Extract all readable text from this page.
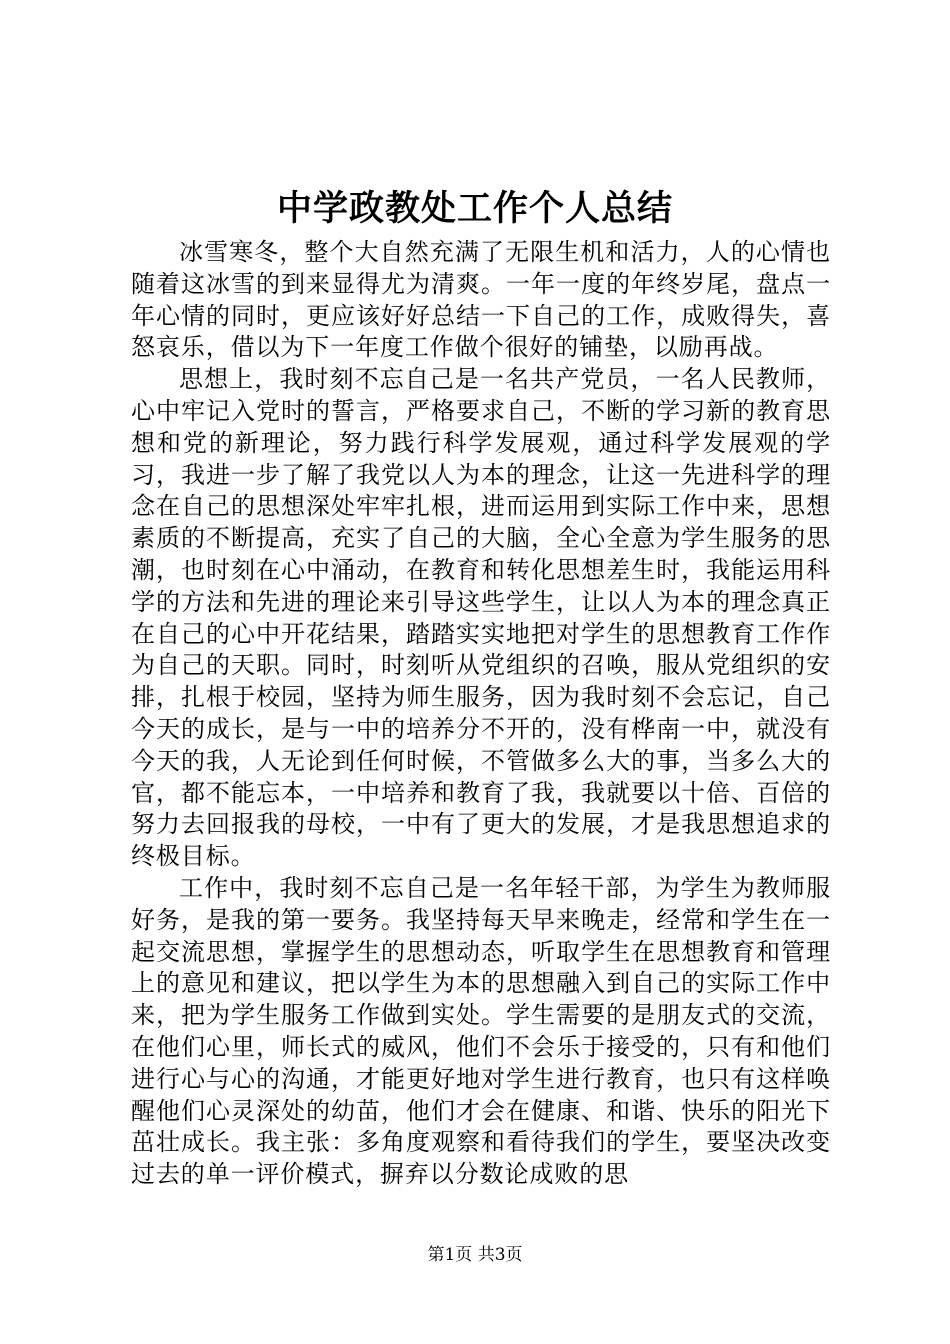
中学政教处工作个人总结

冰雪寒冬，整个大自然充满了无限生机和活力，人的心情也随着这冰雪的到来显得尤为清爽。一年一度的年终岁尾，盘点一年心情的同时，更应该好好总结一下自己的工作，成败得失，喜怒哀乐，借以为下一年度工作做个很好的铺垫，以励再战。

思想上，我时刻不忘自己是一名共产党员，一名人民教师，心中牢记入党时的誓言，严格要求自己，不断的学习新的教育思想和党的新理论，努力践行科学发展观，通过科学发展观的学习，我进一步了解了我党以人为本的理念，让这一先进科学的理念在自己的思想深处牢牢扎根，进而运用到实际工作中来，思想素质的不断提高，充实了自己的大脑，全心全意为学生服务的思潮，也时刻在心中涌动，在教育和转化思想差生时，我能运用科学的方法和先进的理论来引导这些学生，让以人为本的理念真正在自己的心中开花结果，踏踏实实地把对学生的思想教育工作作为自己的天职。同时，时刻听从党组织的召唤，服从党组织的安排，扎根于校园，坚持为师生服务，因为我时刻不会忘记，自己今天的成长，是与一中的培养分不开的，没有桦南一中，就没有今天的我，人无论到任何时候，不管做多么大的事，当多么大的官，都不能忘本，一中培养和教育了我，我就要以十倍、百倍的努力去回报我的母校，一中有了更大的发展，才是我思想追求的终极目标。

工作中，我时刻不忘自己是一名年轻干部，为学生为教师服好务，是我的第一要务。我坚持每天早来晚走，经常和学生在一起交流思想，掌握学生的思想动态，听取学生在思想教育和管理上的意见和建议，把以学生为本的思想融入到自己的实际工作中来，把为学生服务工作做到实处。学生需要的是朋友式的交流，在他们心里，师长式的威风，他们不会乐于接受的，只有和他们进行心与心的沟通，才能更好地对学生进行教育，也只有这样唤醒他们心灵深处的幼苗，他们才会在健康、和谐、快乐的阳光下茁壮成长。我主张：多角度观察和看待我们的学生，要坚决改变过去的单一评价模式，摒弃以分数论成败的思

第1页 共3页
